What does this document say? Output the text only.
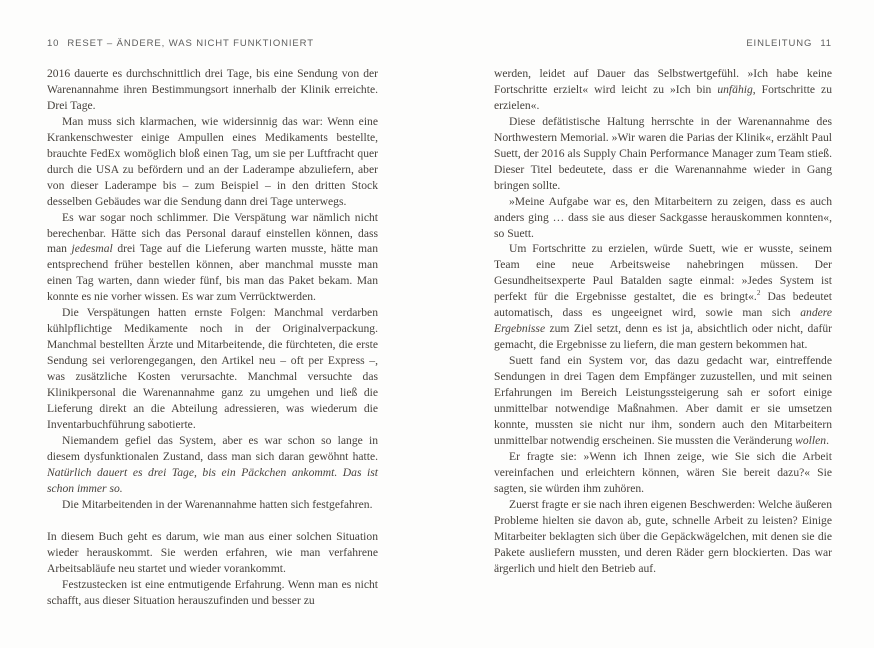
10 RESET – ÄNDERE, WAS NICHT FUNKTIONIERT	EINLEITUNG 11

2016 dauerte es durchschnittlich drei Tage, bis eine Sendung von der Warenannahme ihren Bestimmungsort innerhalb der Klinik erreichte. Drei Tage.

Man muss sich klarmachen, wie widersinnig das war: Wenn eine Krankenschwester einige Ampullen eines Medikaments bestellte, brauchte FedEx womöglich bloß einen Tag, um sie per Luftfracht quer durch die USA zu befördern und an der Laderampe abzuliefern, aber von dieser Laderampe bis – zum Beispiel – in den dritten Stock desselben Gebäudes war die Sendung dann drei Tage unterwegs.

Es war sogar noch schlimmer. Die Verspätung war nämlich nicht berechenbar. Hätte sich das Personal darauf einstellen können, dass man jedesmal drei Tage auf die Lieferung warten musste, hätte man entsprechend früher bestellen können, aber manchmal musste man einen Tag warten, dann wieder fünf, bis man das Paket bekam. Man konnte es nie vorher wissen. Es war zum Verrücktwerden.

Die Verspätungen hatten ernste Folgen: Manchmal verdarben kühlpflichtige Medikamente noch in der Originalverpackung. Manchmal bestellten Ärzte und Mitarbeitende, die fürchteten, die erste Sendung sei verlorengegangen, den Artikel neu – oft per Express –, was zusätzliche Kosten verursachte. Manchmal versuchte das Klinikpersonal die Warenannahme ganz zu umgehen und ließ die Lieferung direkt an die Abteilung adressieren, was wiederum die Inventarbuchführung sabotierte.

Niemandem gefiel das System, aber es war schon so lange in diesem dysfunktionalen Zustand, dass man sich daran gewöhnt hatte. Natürlich dauert es drei Tage, bis ein Päckchen ankommt. Das ist schon immer so.

Die Mitarbeitenden in der Warenannahme hatten sich festgefahren.

In diesem Buch geht es darum, wie man aus einer solchen Situation wieder herauskommt. Sie werden erfahren, wie man verfahrene Arbeitsabläufe neu startet und wieder vorankommt.

Festzustecken ist eine entmutigende Erfahrung. Wenn man es nicht schafft, aus dieser Situation herauszufinden und besser zu

werden, leidet auf Dauer das Selbstwertgefühl. »Ich habe keine Fortschritte erzielt« wird leicht zu »Ich bin unfähig, Fortschritte zu erzielen«.

Diese defätistische Haltung herrschte in der Warenannahme des Northwestern Memorial. »Wir waren die Parias der Klinik«, erzählt Paul Suett, der 2016 als Supply Chain Performance Manager zum Team stieß. Dieser Titel bedeutete, dass er die Warenannahme wieder in Gang bringen sollte.

»Meine Aufgabe war es, den Mitarbeitern zu zeigen, dass es auch anders ging … dass sie aus dieser Sackgasse herauskommen konnten«, so Suett.

Um Fortschritte zu erzielen, würde Suett, wie er wusste, seinem Team eine neue Arbeitsweise nahebringen müssen. Der Gesundheitsexperte Paul Batalden sagte einmal: »Jedes System ist perfekt für die Ergebnisse gestaltet, die es bringt«.$^2$ Das bedeutet automatisch, dass es ungeeignet wird, sowie man sich andere Ergebnisse zum Ziel setzt, denn es ist ja, absichtlich oder nicht, dafür gemacht, die Ergebnisse zu liefern, die man gestern bekommen hat.

Suett fand ein System vor, das dazu gedacht war, eintreffende Sendungen in drei Tagen dem Empfänger zuzustellen, und mit seinen Erfahrungen im Bereich Leistungssteigerung sah er sofort einige unmittelbar notwendige Maßnahmen. Aber damit er sie umsetzen konnte, mussten sie nicht nur ihm, sondern auch den Mitarbeitern unmittelbar notwendig erscheinen. Sie mussten die Veränderung wollen.

Er fragte sie: »Wenn ich Ihnen zeige, wie Sie sich die Arbeit vereinfachen und erleichtern können, wären Sie bereit dazu?« Sie sagten, sie würden ihm zuhören.

Zuerst fragte er sie nach ihren eigenen Beschwerden: Welche äußeren Probleme hielten sie davon ab, gute, schnelle Arbeit zu leisten? Einige Mitarbeiter beklagten sich über die Gepäckwägelchen, mit denen sie die Pakete ausliefern mussten, und deren Räder gern blockierten. Das war ärgerlich und hielt den Betrieb auf.
